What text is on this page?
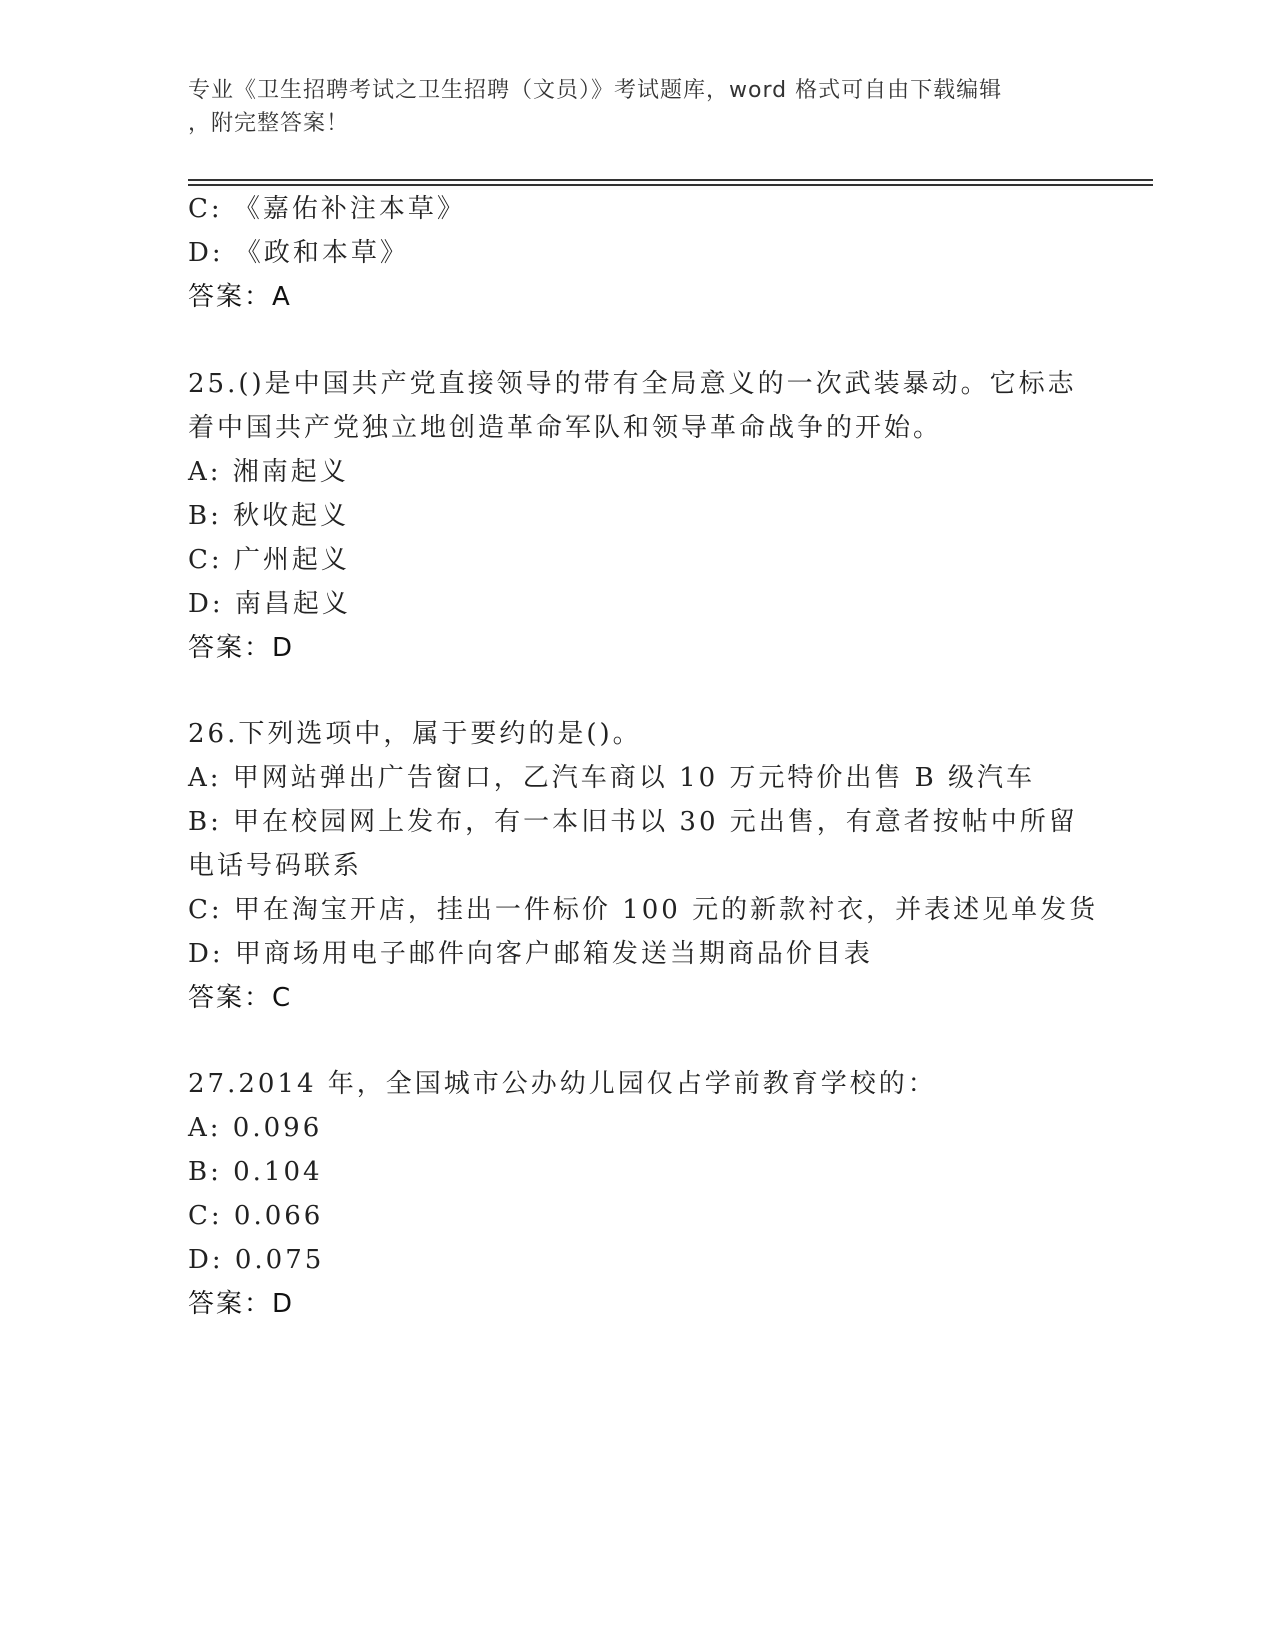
专业《卫生招聘考试之卫生招聘（文员）》考试题库，word 格式可自由下载编辑
，附完整答案！
C: 《嘉佑补注本草》
D: 《政和本草》
答案：A
25.()是中国共产党直接领导的带有全局意义的一次武装暴动。它标志
着中国共产党独立地创造革命军队和领导革命战争的开始。
A: 湘南起义
B: 秋收起义
C: 广州起义
D: 南昌起义
答案：D
26.下列选项中，属于要约的是()。
A: 甲网站弹出广告窗口，乙汽车商以 10 万元特价出售 B 级汽车
B: 甲在校园网上发布，有一本旧书以 30 元出售，有意者按帖中所留
电话号码联系
C: 甲在淘宝开店，挂出一件标价 100 元的新款衬衣，并表述见单发货
D: 甲商场用电子邮件向客户邮箱发送当期商品价目表
答案：C
27.2014 年，全国城市公办幼儿园仅占学前教育学校的：
A: 0.096
B: 0.104
C: 0.066
D: 0.075
答案：D
